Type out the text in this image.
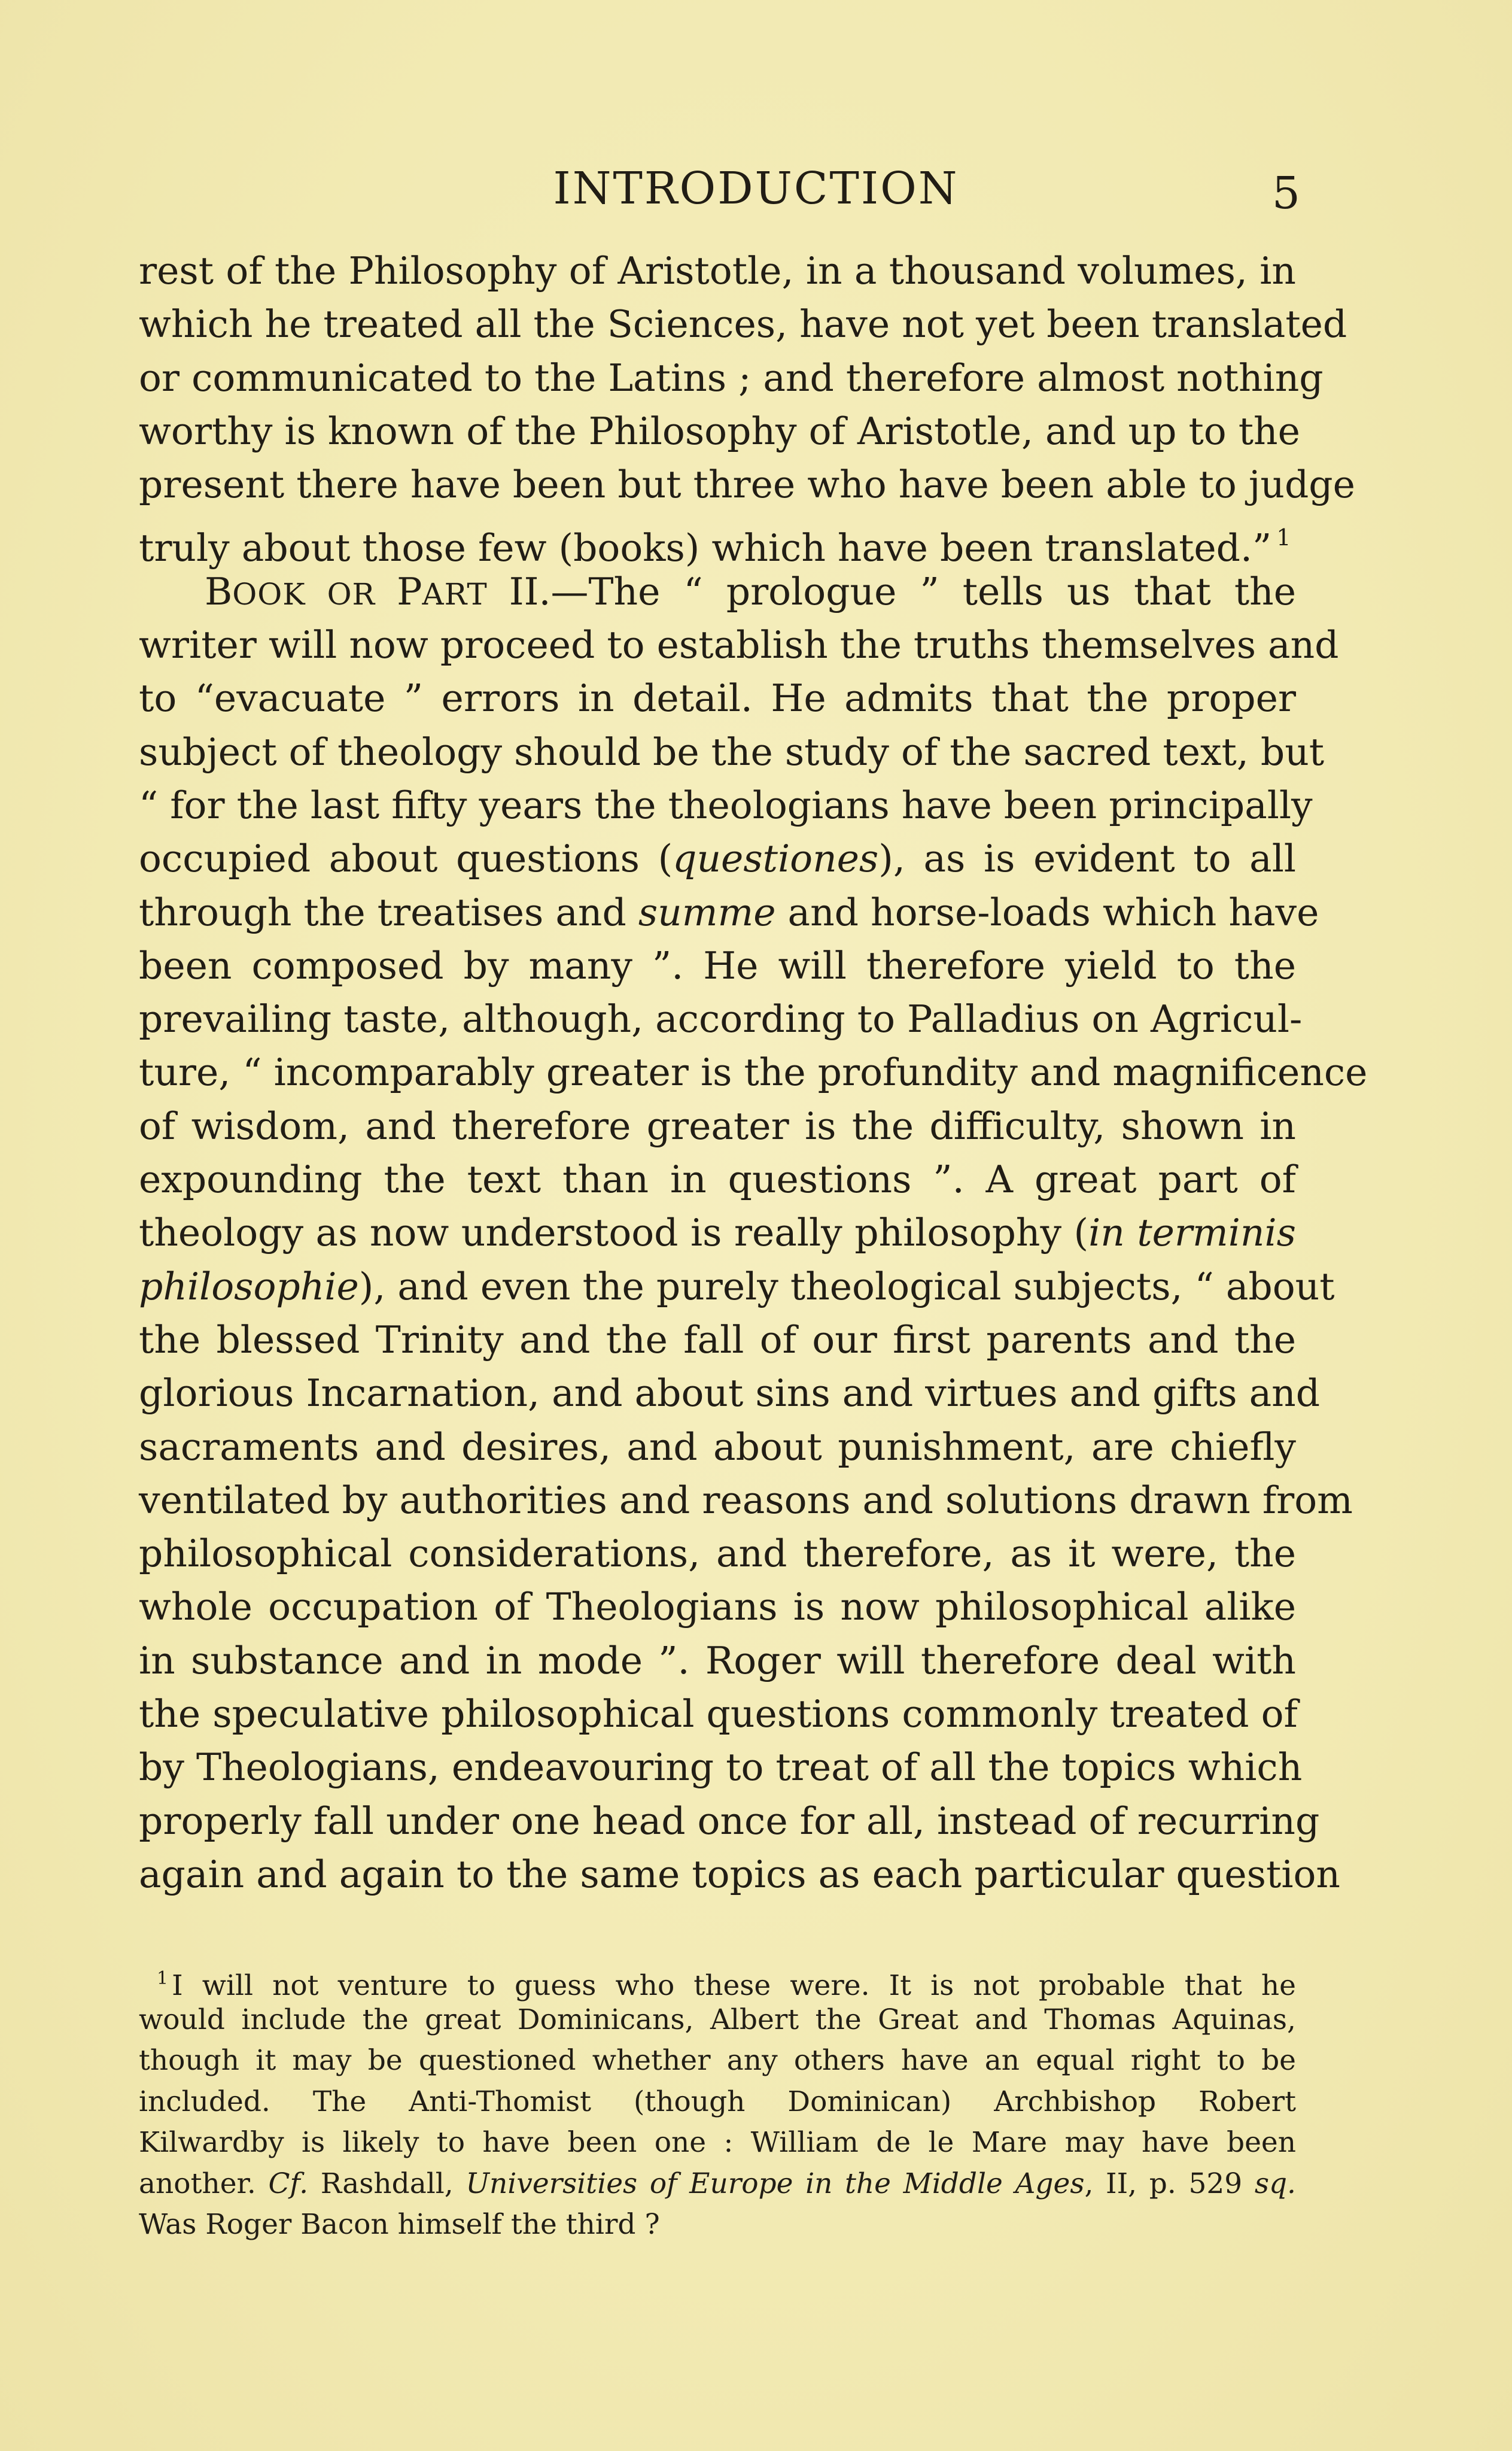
INTRODUCTION	5
rest of the Philosophy of Aristotle, in a thousand volumes, in
which he treated all the Sciences, have not yet been translated
or communicated to the Latins ; and therefore almost nothing
worthy is known of the Philosophy of Aristotle, and up to the
present there have been but three who have been able to judge
truly about those few (books) which have been translated.” $^1$
BOOK OR PART II.—The “ prologue ” tells us that the
writer will now proceed to establish the truths themselves and
to “evacuate ” errors in detail. He admits that the proper
subject of theology should be the study of the sacred text, but
“ for the last fifty years the theologians have been principally
occupied about questions (questiones), as is evident to all
through the treatises and summe and horse-loads which have
been composed by many ”. He will therefore yield to the
prevailing taste, although, according to Palladius on Agricul-
ture, “ incomparably greater is the profundity and magnificence
of wisdom, and therefore greater is the difficulty, shown in
expounding the text than in questions ”. A great part of
theology as now understood is really philosophy (in terminis
philosophie), and even the purely theological subjects, “ about
the blessed Trinity and the fall of our first parents and the
glorious Incarnation, and about sins and virtues and gifts and
sacraments and desires, and about punishment, are chiefly
ventilated by authorities and reasons and solutions drawn from
philosophical considerations, and therefore, as it were, the
whole occupation of Theologians is now philosophical alike
in substance and in mode ”. Roger will therefore deal with
the speculative philosophical questions commonly treated of
by Theologians, endeavouring to treat of all the topics which
properly fall under one head once for all, instead of recurring
again and again to the same topics as each particular question
$^1$ I will not venture to guess who these were. It is not probable that he
would include the great Dominicans, Albert the Great and Thomas Aquinas,
though it may be questioned whether any others have an equal right to be
included. The Anti-Thomist (though Dominican) Archbishop Robert
Kilwardby is likely to have been one : William de le Mare may have been
another. Cf. Rashdall, Universities of Europe in the Middle Ages, II, p. 529 sq.
Was Roger Bacon himself the third ?
